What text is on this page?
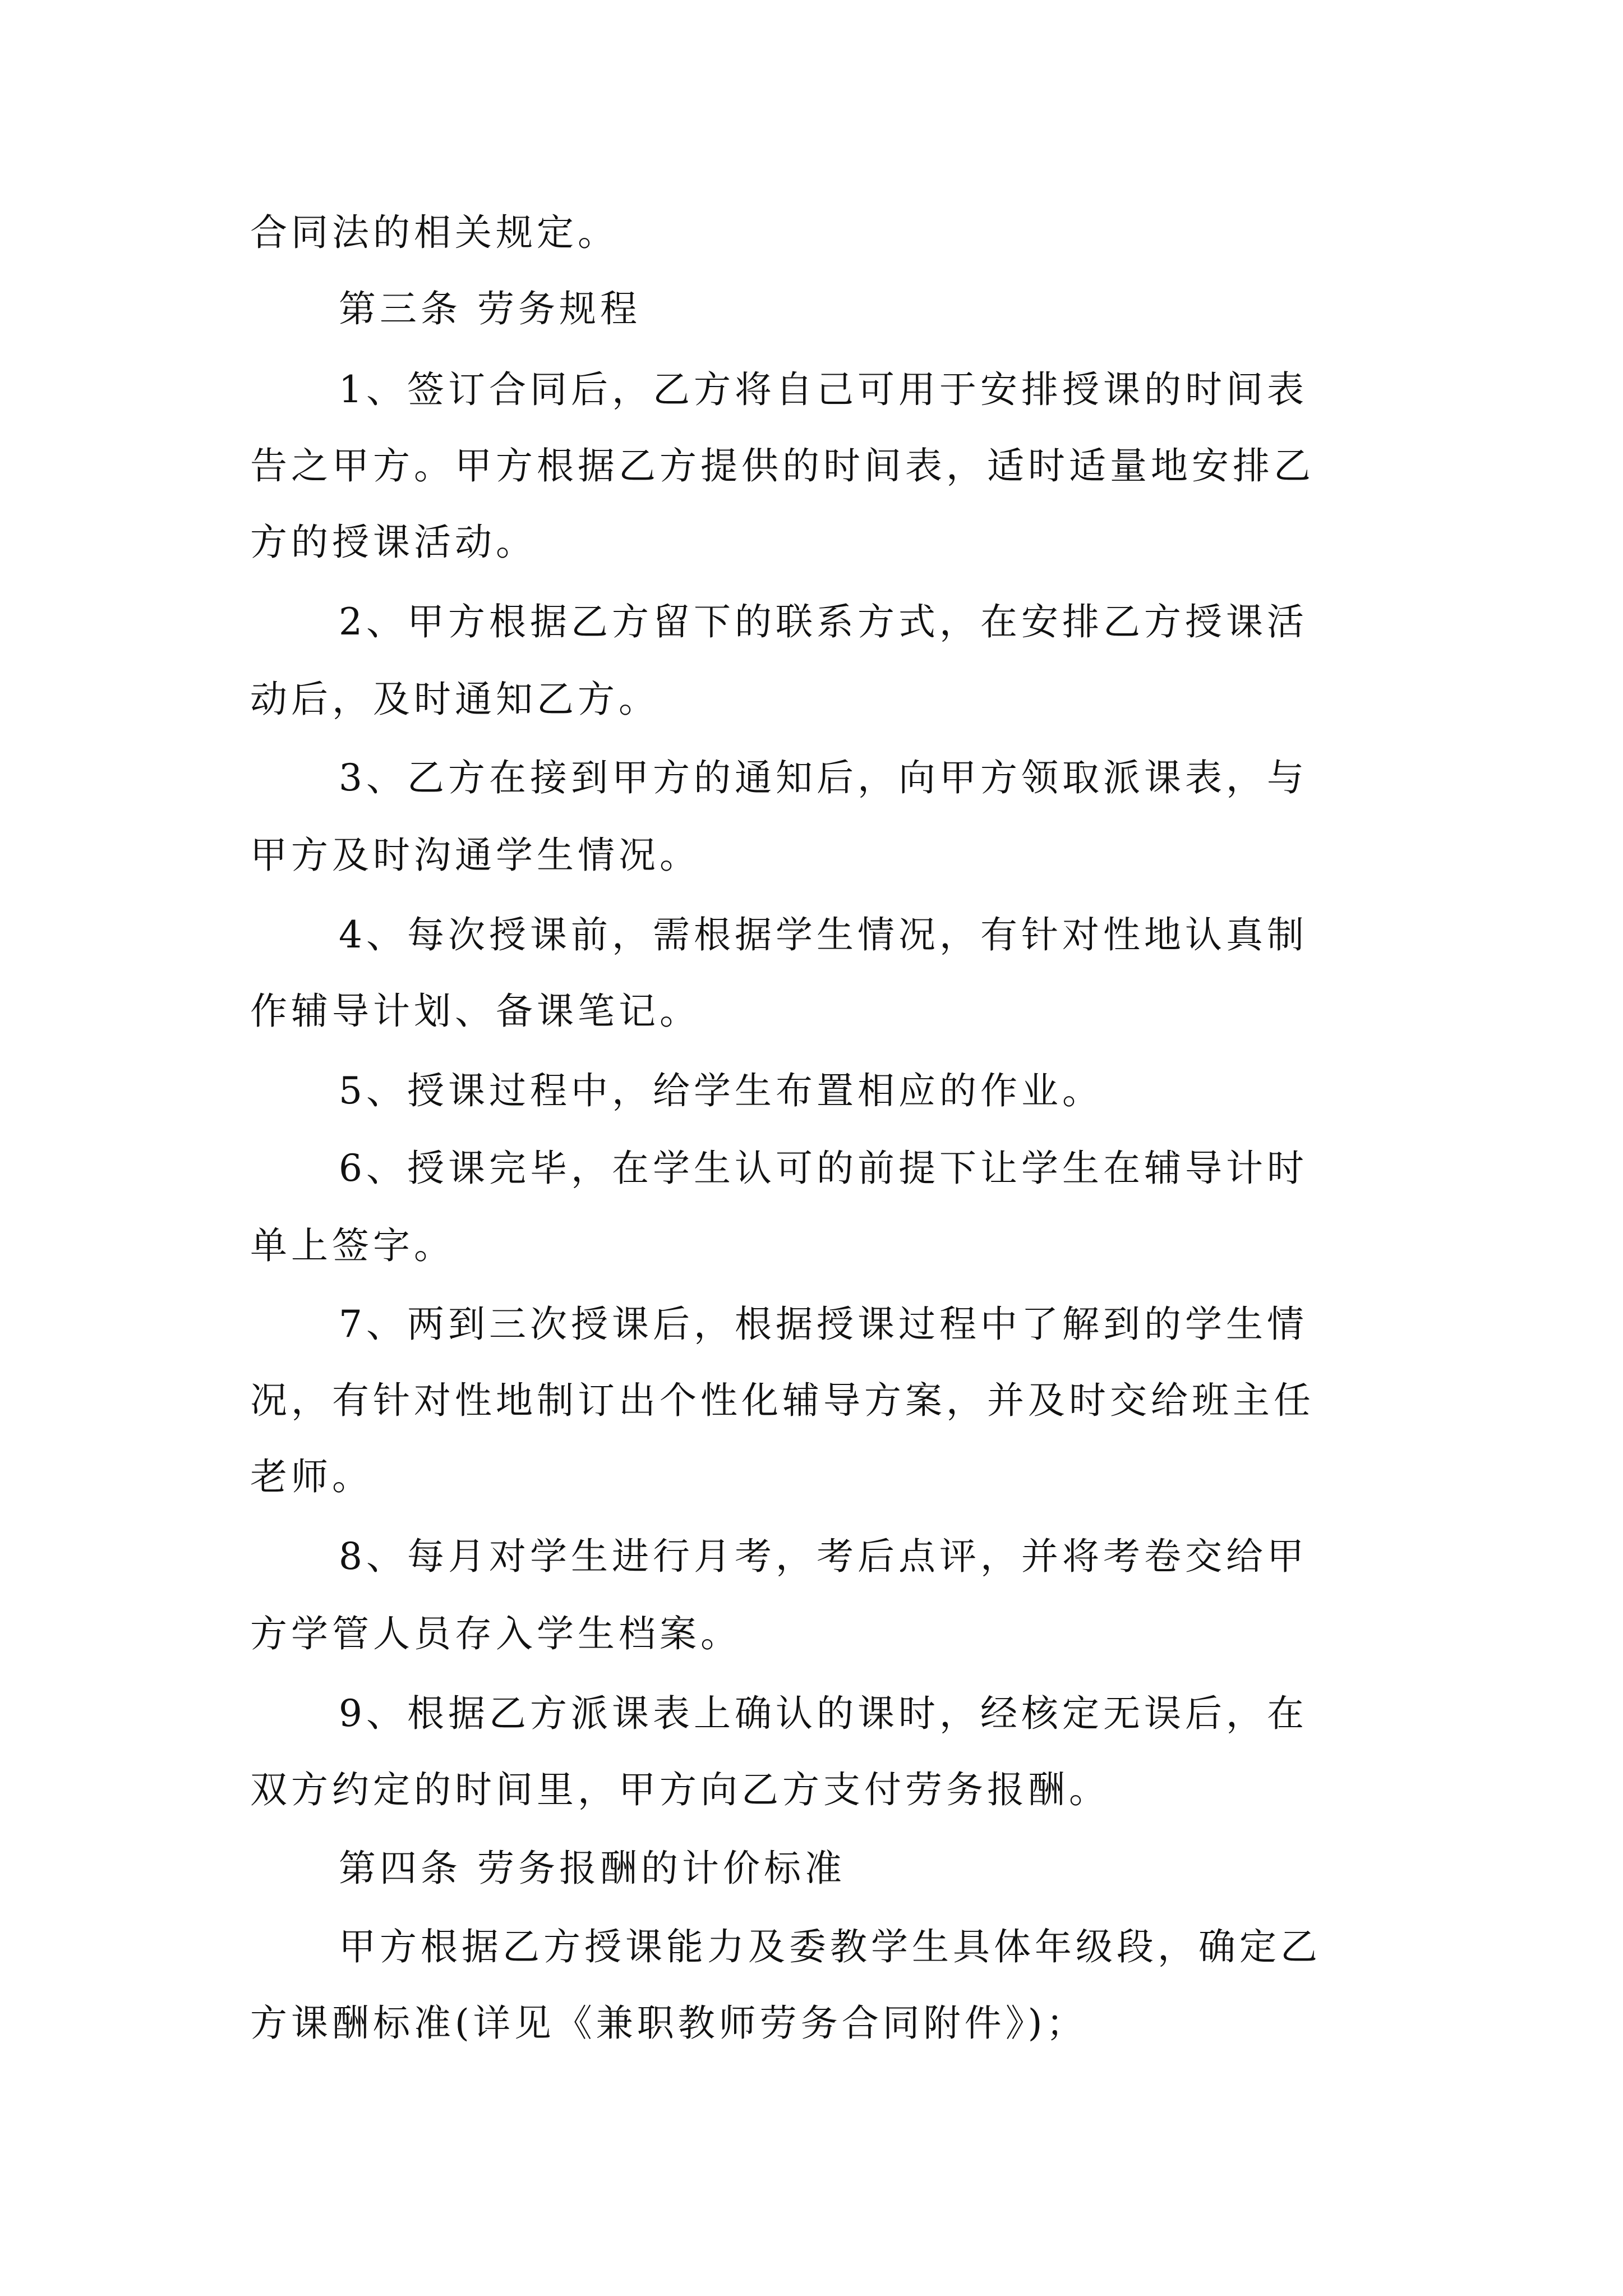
合同法的相关规定。
第三条 劳务规程
1、签订合同后，乙方将自己可用于安排授课的时间表
告之甲方。甲方根据乙方提供的时间表，适时适量地安排乙
方的授课活动。
2、甲方根据乙方留下的联系方式，在安排乙方授课活
动后，及时通知乙方。
3、乙方在接到甲方的通知后，向甲方领取派课表，与
甲方及时沟通学生情况。
4、每次授课前，需根据学生情况，有针对性地认真制
作辅导计划、备课笔记。
5、授课过程中，给学生布置相应的作业。
6、授课完毕，在学生认可的前提下让学生在辅导计时
单上签字。
7、两到三次授课后，根据授课过程中了解到的学生情
况，有针对性地制订出个性化辅导方案，并及时交给班主任
老师。
8、每月对学生进行月考，考后点评，并将考卷交给甲
方学管人员存入学生档案。
9、根据乙方派课表上确认的课时，经核定无误后，在
双方约定的时间里，甲方向乙方支付劳务报酬。
第四条 劳务报酬的计价标准
甲方根据乙方授课能力及委教学生具体年级段，确定乙
方课酬标准(详见《兼职教师劳务合同附件》)；
